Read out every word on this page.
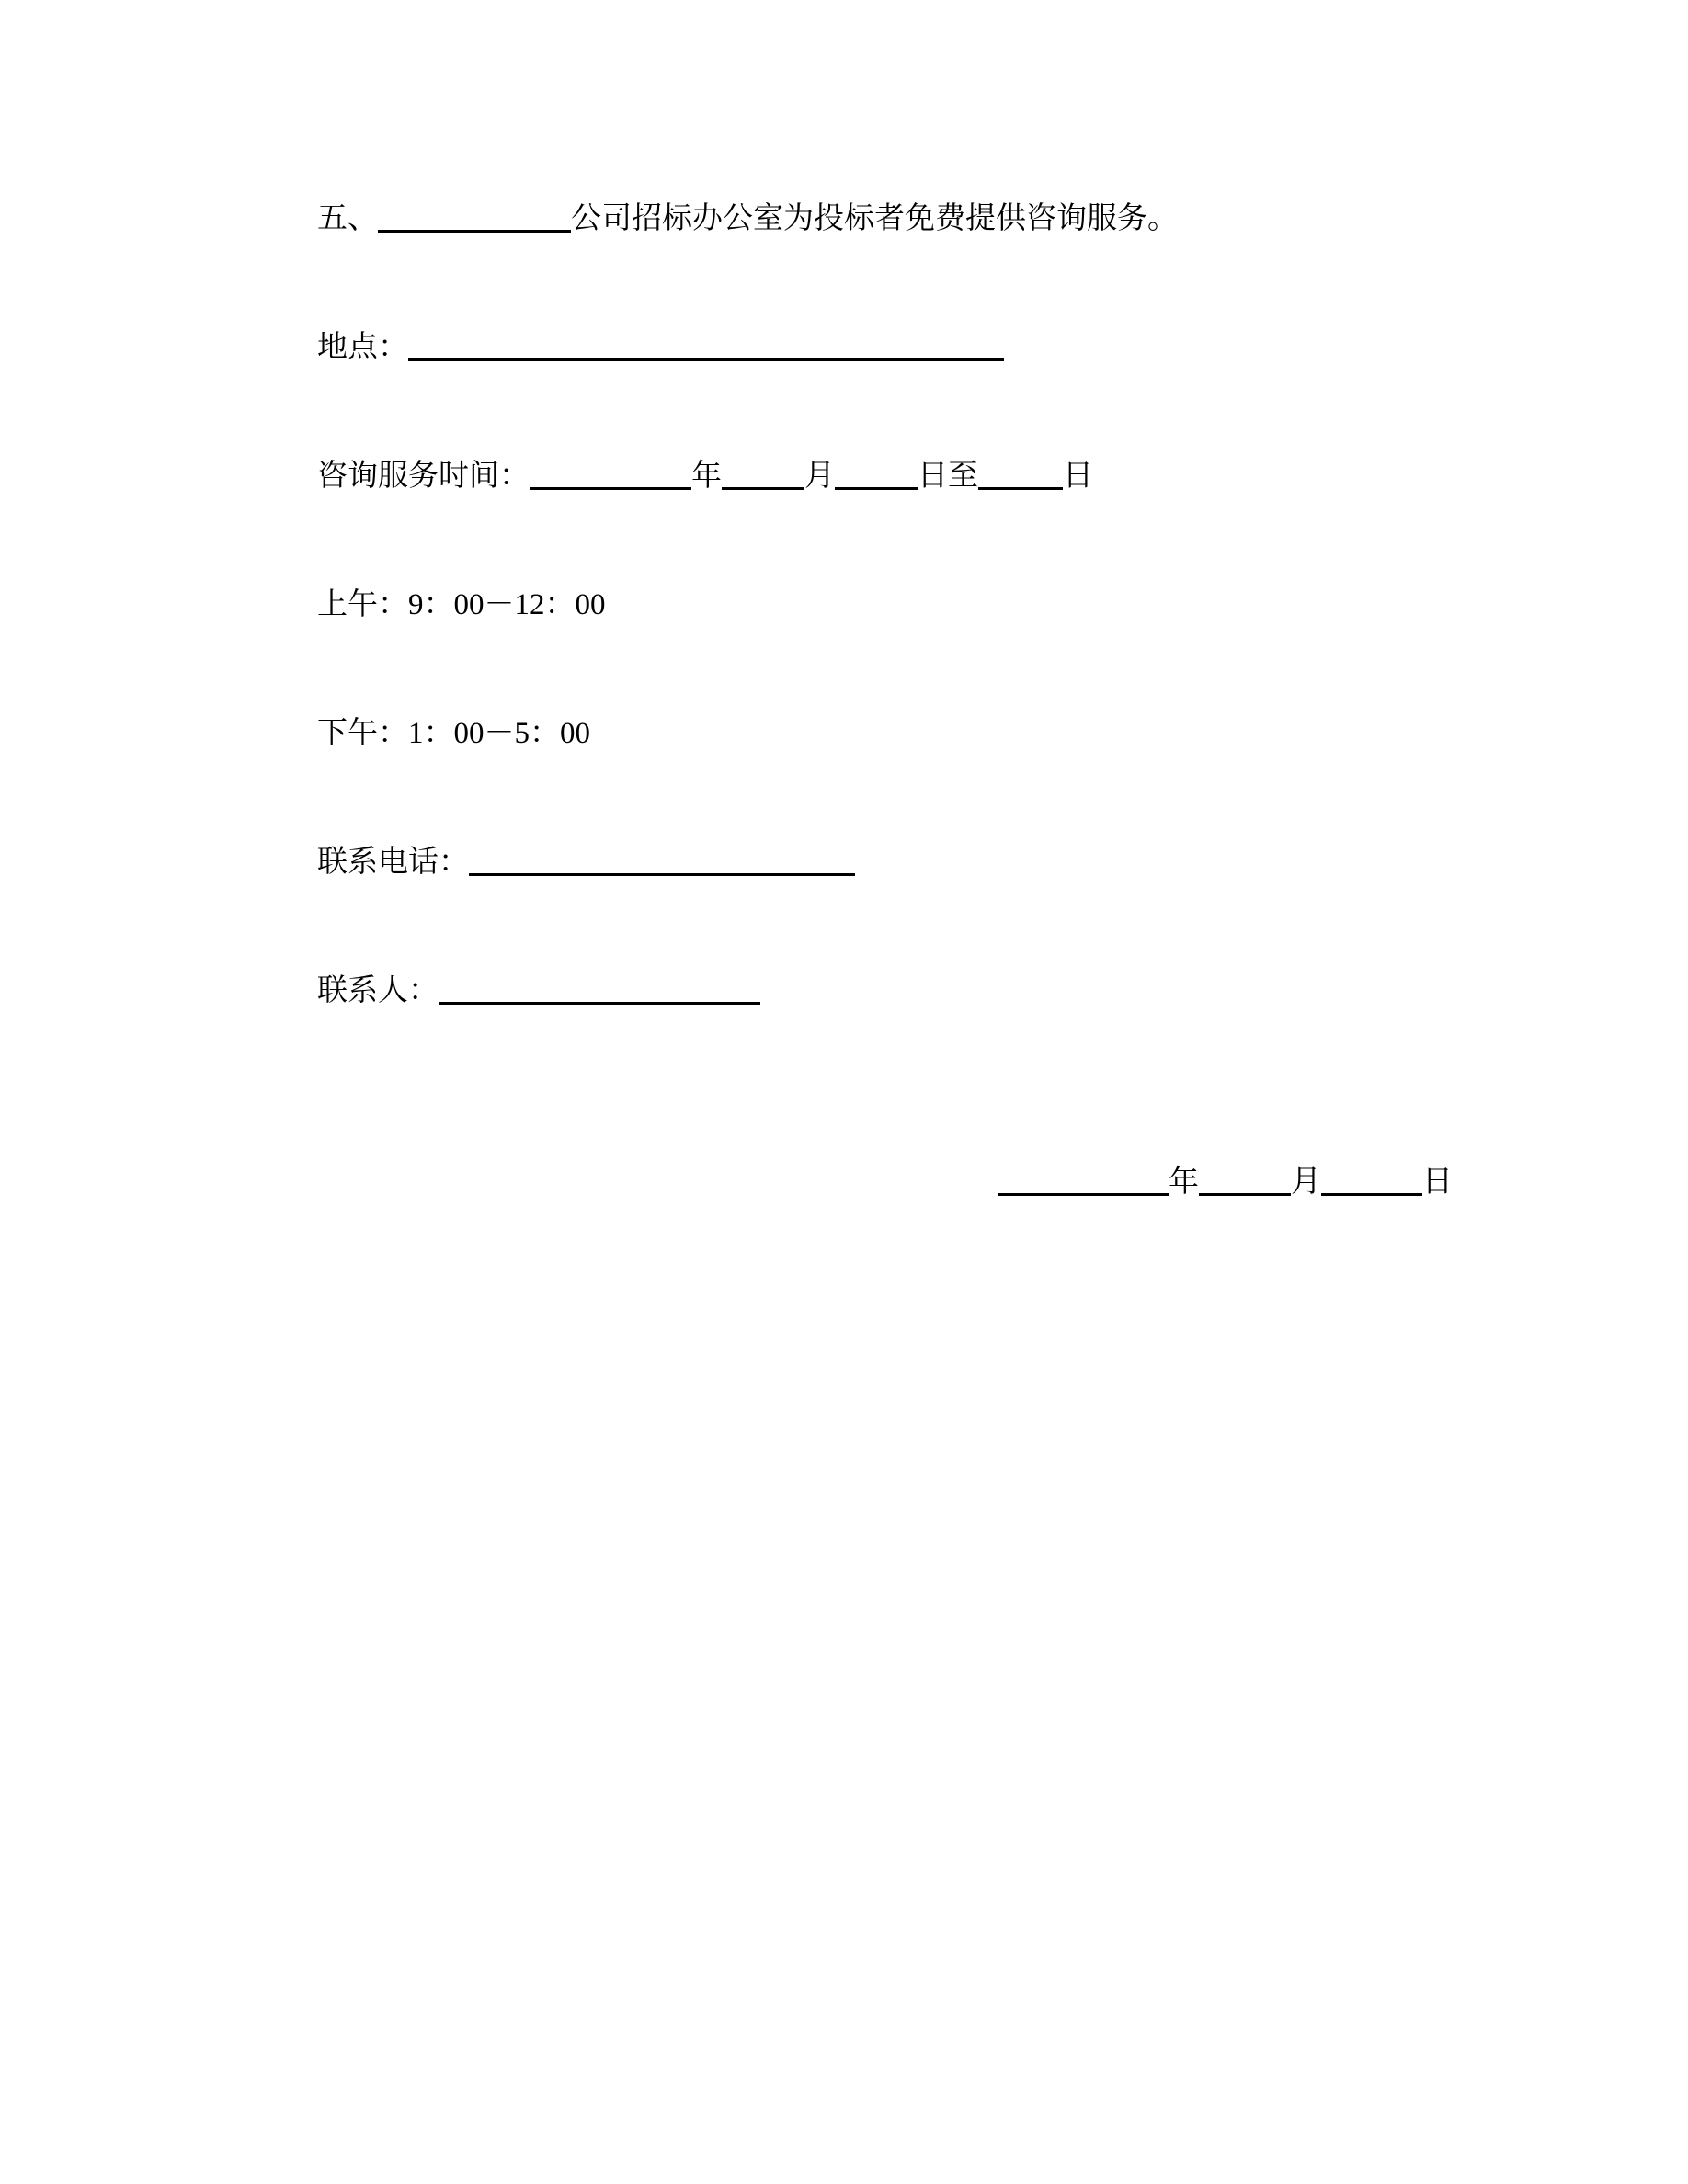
五、	公司招标办公室为投标者免费提供咨询服务。

地点：

咨询服务时间：	年	月	日至	日

上午：9：00－12：00

下午：1：00－5：00

联系电话：

联系人：

年	月	日
